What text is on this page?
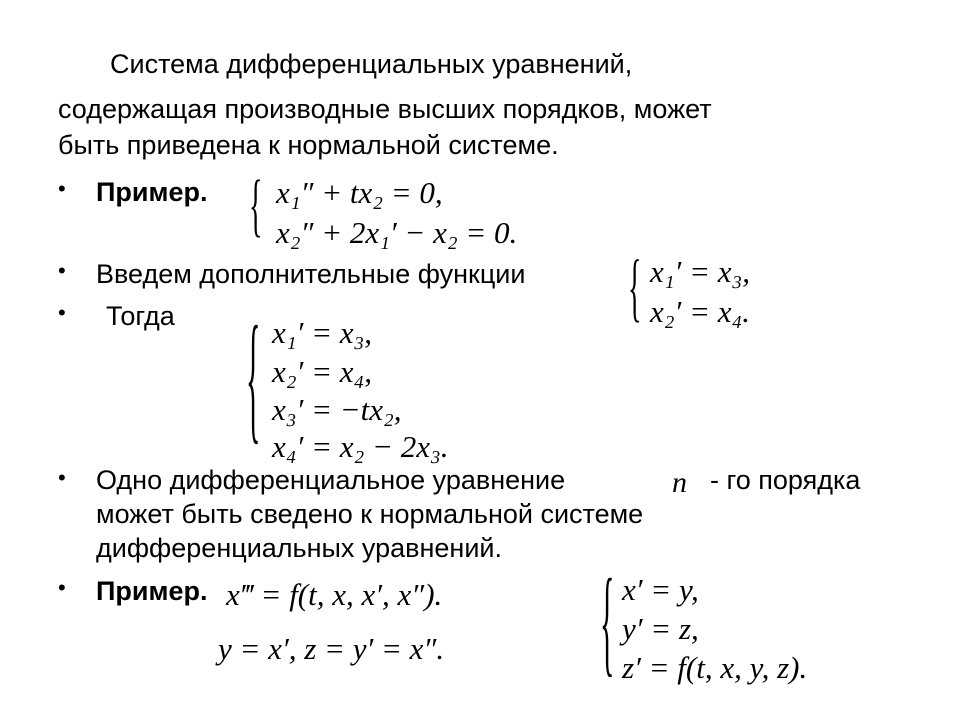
Система дифференциальных уравнений,
содержащая производные высших порядков, может
быть приведена к нормальной системе.
• Пример. { x₁″ + tx₂ = 0,
x₂″ + 2x₁′ − x₂ = 0.
• Введем дополнительные функции	{ x₁′ = x₃,
x₂′ = x₄.
• Тогда { x₁′ = x₃,
x₂′ = x₄,
x₃′ = −tx₂,
x₄′ = x₂ − 2x₃.
• Одно дифференциальное уравнение	n - го порядка
может быть сведено к нормальной системе
дифференциальных уравнений.
• Пример. x‴ = f(t, x, x′, x″).
y = x′, z = y′ = x″.	{ x′ = y,
y′ = z,
z′ = f(t, x, y, z).
